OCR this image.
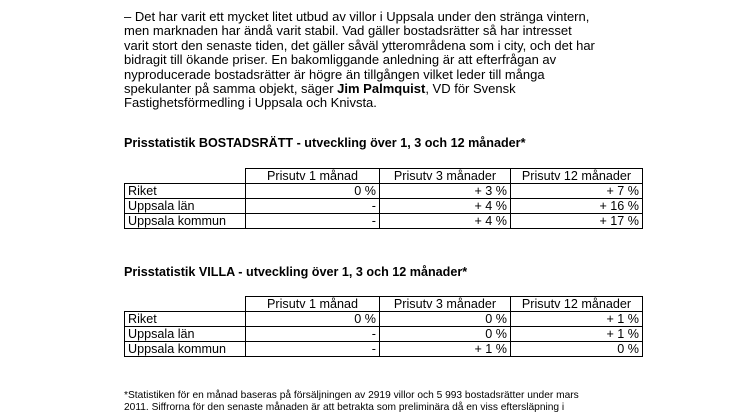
– Det har varit ett mycket litet utbud av villor i Uppsala under den stränga vintern,
men marknaden har ändå varit stabil. Vad gäller bostadsrätter så har intresset
varit stort den senaste tiden, det gäller såväl ytterområdena som i city, och det har
bidragit till ökande priser. En bakomliggande anledning är att efterfrågan av
nyproducerade bostadsrätter är högre än tillgången vilket leder till många
spekulanter på samma objekt, säger Jim Palmquist, VD för Svensk
Fastighetsförmedling i Uppsala och Knivsta.
Prisstatistik BOSTADSRÄTT - utveckling över 1, 3 och 12 månader*
	Prisutv 1 månad	Prisutv 3 månader	Prisutv 12 månader
Riket	0 %	+ 3 %	+ 7 %
Uppsala län	-	+ 4 %	+ 16 %
Uppsala kommun	-	+ 4 %	+ 17 %
Prisstatistik VILLA - utveckling över 1, 3 och 12 månader*
	Prisutv 1 månad	Prisutv 3 månader	Prisutv 12 månader
Riket	0 %	0 %	+ 1 %
Uppsala län	-	0 %	+ 1 %
Uppsala kommun	-	+ 1 %	0 %
*Statistiken för en månad baseras på försäljningen av 2919 villor och 5 993 bostadsrätter under mars
2011. Siffrorna för den senaste månaden är att betrakta som preliminära då en viss eftersläpning i
